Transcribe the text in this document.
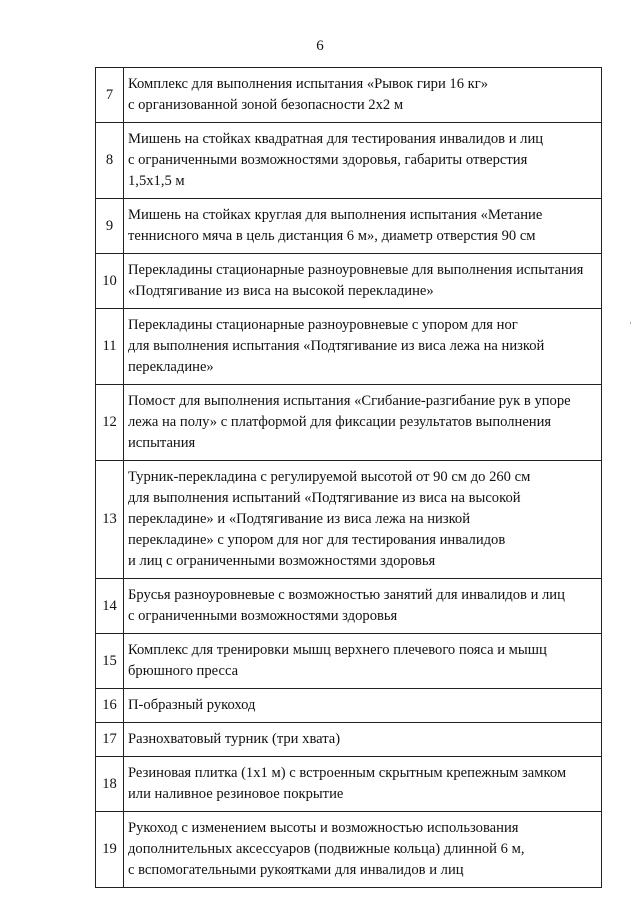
6
7	Комплекс для выполнения испытания «Рывок гири 16 кг»
с организованной зоной безопасности 2х2 м
8	Мишень на стойках квадратная для тестирования инвалидов и лиц
с ограниченными возможностями здоровья, габариты отверстия
1,5х1,5 м
9	Мишень на стойках круглая для выполнения испытания «Метание
теннисного мяча в цель дистанция 6 м», диаметр отверстия 90 см
10	Перекладины стационарные разноуровневые для выполнения испытания
«Подтягивание из виса на высокой перекладине»
11	Перекладины стационарные разноуровневые с упором для ног
для выполнения испытания «Подтягивание из виса лежа на низкой
перекладине»
12	Помост для выполнения испытания «Сгибание-разгибание рук в упоре
лежа на полу» с платформой для фиксации результатов выполнения
испытания
13	Турник-перекладина с регулируемой высотой от 90 см до 260 см
для выполнения испытаний «Подтягивание из виса на высокой
перекладине» и «Подтягивание из виса лежа на низкой
перекладине» с упором для ног для тестирования инвалидов
и лиц с ограниченными возможностями здоровья
14	Брусья разноуровневые с возможностью занятий для инвалидов и лиц
с ограниченными возможностями здоровья
15	Комплекс для тренировки мышц верхнего плечевого пояса и мышц
брюшного пресса
16	П-образный рукоход
17	Разнохватовый турник (три хвата)
18	Резиновая плитка (1х1 м) с встроенным скрытным крепежным замком
или наливное резиновое покрытие
19	Рукоход с изменением высоты и возможностью использования
дополнительных аксессуаров (подвижные кольца) длинной 6 м,
с вспомогательными рукоятками для инвалидов и лиц
